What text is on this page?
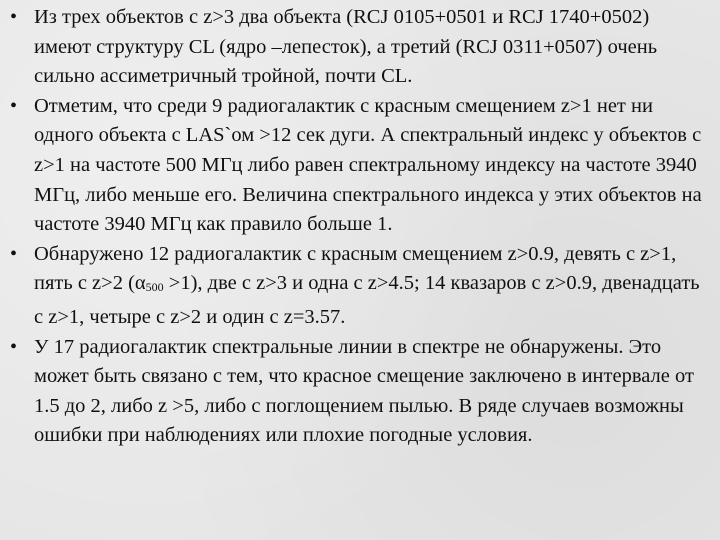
• Из трех объектов с z>3 два объекта (RCJ 0105+0501 и RCJ 1740+0502) имеют структуру CL (ядро –лепесток), а третий (RCJ 0311+0507) очень сильно ассиметричный тройной, почти CL.
• Отметим, что среди 9 радиогалактик с красным смещением z>1 нет ни одного объекта с LAS`ом >12 сек дуги. А спектральный индекс у объектов с z>1 на частоте 500 МГц либо равен спектральному индексу на частоте 3940 МГц, либо меньше его. Величина спектрального индекса у этих объектов на частоте 3940 МГц как правило больше 1.
• Обнаружено 12 радиогалактик с красным смещением z>0.9, девять с z>1, пять с z>2 $(\alpha_{500} >1)$, две с z>3 и одна с z>4.5; 14 квазаров с z>0.9, двенадцать с z>1, четыре с z>2 и один с z=3.57.
• У 17 радиогалактик спектральные линии в спектре не обнаружены. Это может быть связано с тем, что красное смещение заключено в интервале от 1.5 до 2, либо z >5, либо с поглощением пылью. В ряде случаев возможны ошибки при наблюдениях или плохие погодные условия.
